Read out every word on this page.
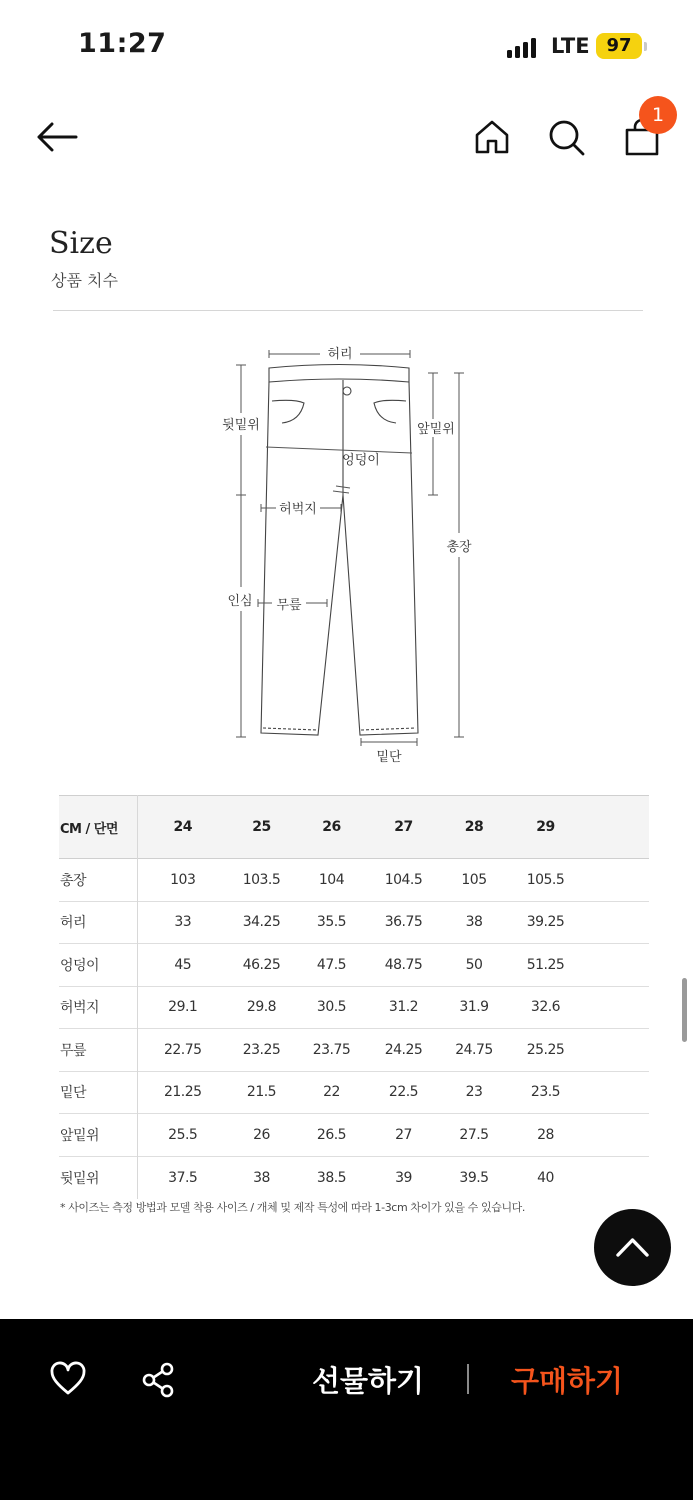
11:27	LTE 97
1
Size
상품 치수
허리
뒷밑위	앞밑위
엉덩이
허벅지
총장
인심 무릎
밑단
CM / 단면	24	25	26	27	28	29	
총장	103	103.5	104	104.5	105	105.5	
허리	33	34.25	35.5	36.75	38	39.25	
엉덩이	45	46.25	47.5	48.75	50	51.25	
허벅지	29.1	29.8	30.5	31.2	31.9	32.6	
무릎	22.75	23.25	23.75	24.25	24.75	25.25	
밑단	21.25	21.5	22	22.5	23	23.5	
앞밑위	25.5	26	26.5	27	27.5	28	
뒷밑위	37.5	38	38.5	39	39.5	40	
* 사이즈는 측정 방법과 모델 착용 사이즈 / 개체 및 제작 특성에 따라 1-3cm 차이가 있을 수 있습니다.
선물하기	구매하기
